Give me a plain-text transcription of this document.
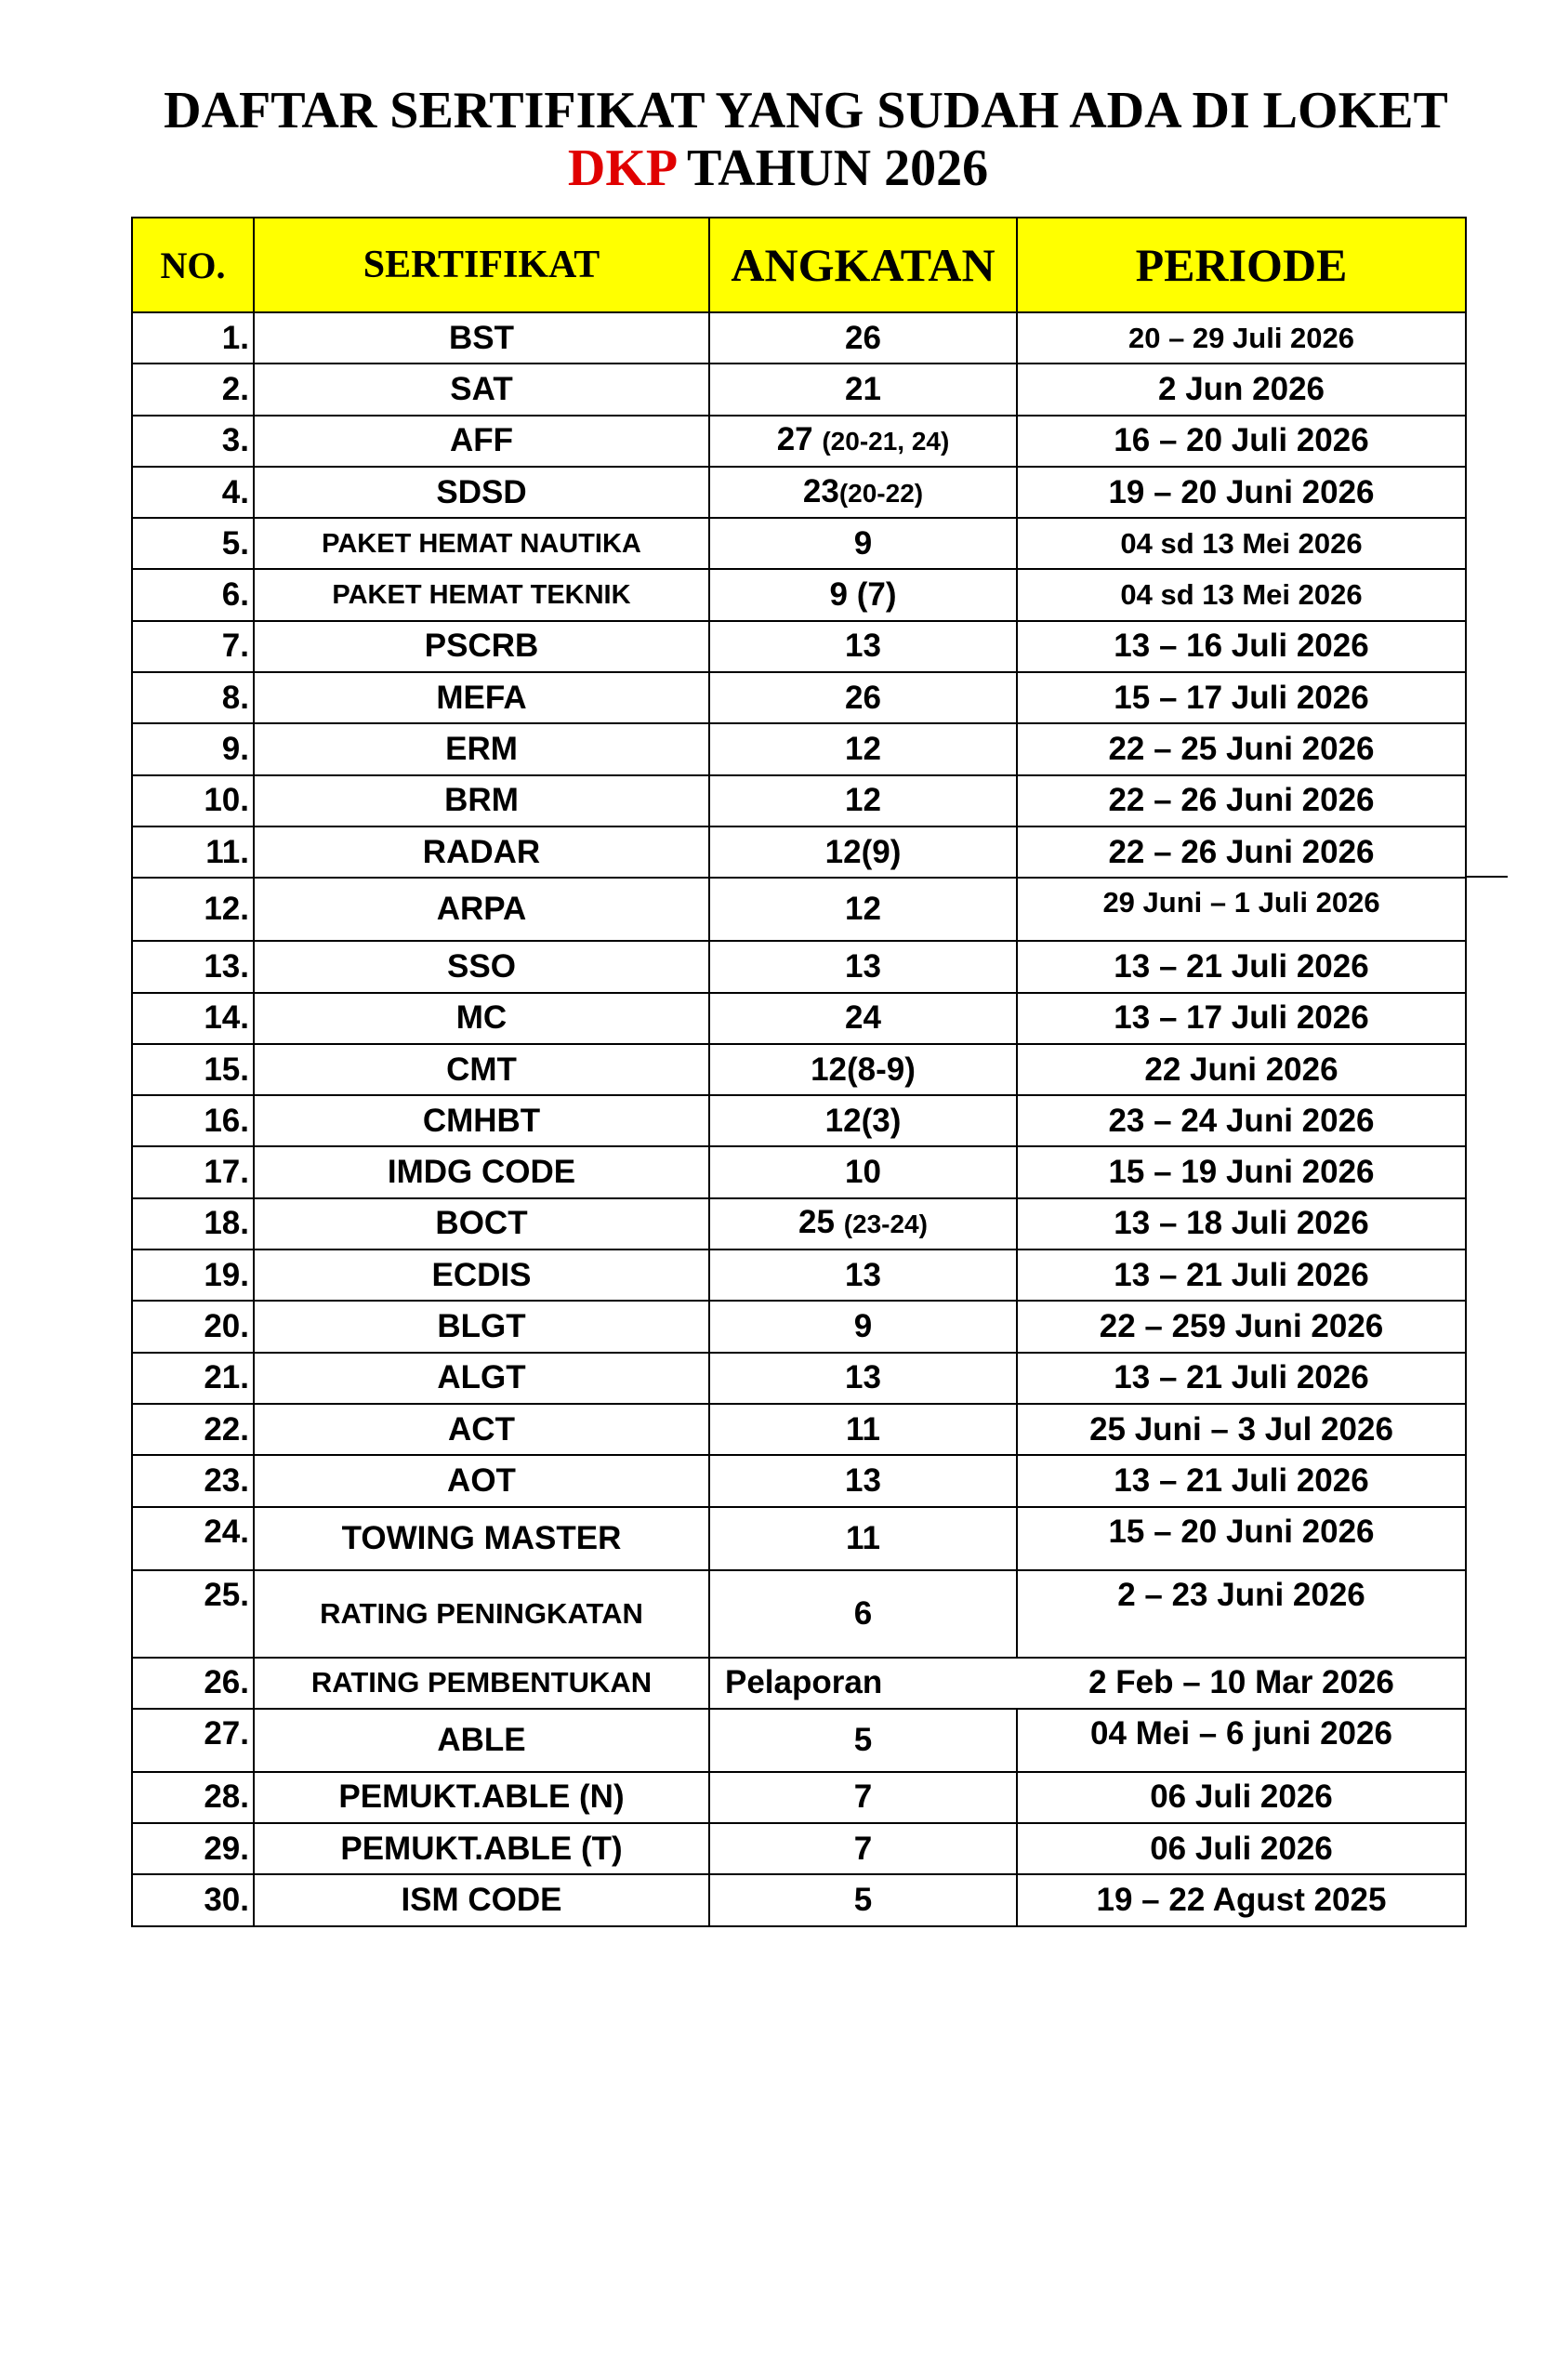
DAFTAR SERTIFIKAT YANG SUDAH ADA DI LOKET
DKP TAHUN 2026
NO.	SERTIFIKAT	ANGKATAN	PERIODE
1.	BST	26	20 – 29 Juli 2026
2.	SAT	21	2 Jun 2026
3.	AFF	27 (20-21, 24)	16 – 20 Juli 2026
4.	SDSD	23(20-22)	19 – 20 Juni 2026
5.	PAKET HEMAT NAUTIKA	9	04 sd 13 Mei 2026
6.	PAKET HEMAT TEKNIK	9 (7)	04 sd 13 Mei 2026
7.	PSCRB	13	13 – 16 Juli 2026
8.	MEFA	26	15 – 17 Juli 2026
9.	ERM	12	22 – 25 Juni 2026
10.	BRM	12	22 – 26 Juni 2026
11.	RADAR	12(9)	22 – 26 Juni 2026
12.	ARPA	12	29 Juni – 1 Juli 2026
13.	SSO	13	13 – 21 Juli 2026
14.	MC	24	13 – 17 Juli 2026
15.	CMT	12(8-9)	22 Juni 2026
16.	CMHBT	12(3)	23 – 24 Juni 2026
17.	IMDG CODE	10	15 – 19 Juni 2026
18.	BOCT	25 (23-24)	13 – 18 Juli 2026
19.	ECDIS	13	13 – 21 Juli 2026
20.	BLGT	9	22 – 259 Juni 2026
21.	ALGT	13	13 – 21 Juli 2026
22.	ACT	11	25 Juni – 3 Jul 2026
23.	AOT	13	13 – 21 Juli 2026
24.	TOWING MASTER	11	15 – 20 Juni 2026
25.	RATING PENINGKATAN	6	2 – 23 Juni 2026
26.	RATING PEMBENTUKAN	Pelaporan	2 Feb – 10 Mar 2026
27.	ABLE	5	04 Mei – 6 juni 2026
28.	PEMUKT.ABLE (N)	7	06 Juli 2026
29.	PEMUKT.ABLE (T)	7	06 Juli 2026
30.	ISM CODE	5	19 – 22 Agust 2025
